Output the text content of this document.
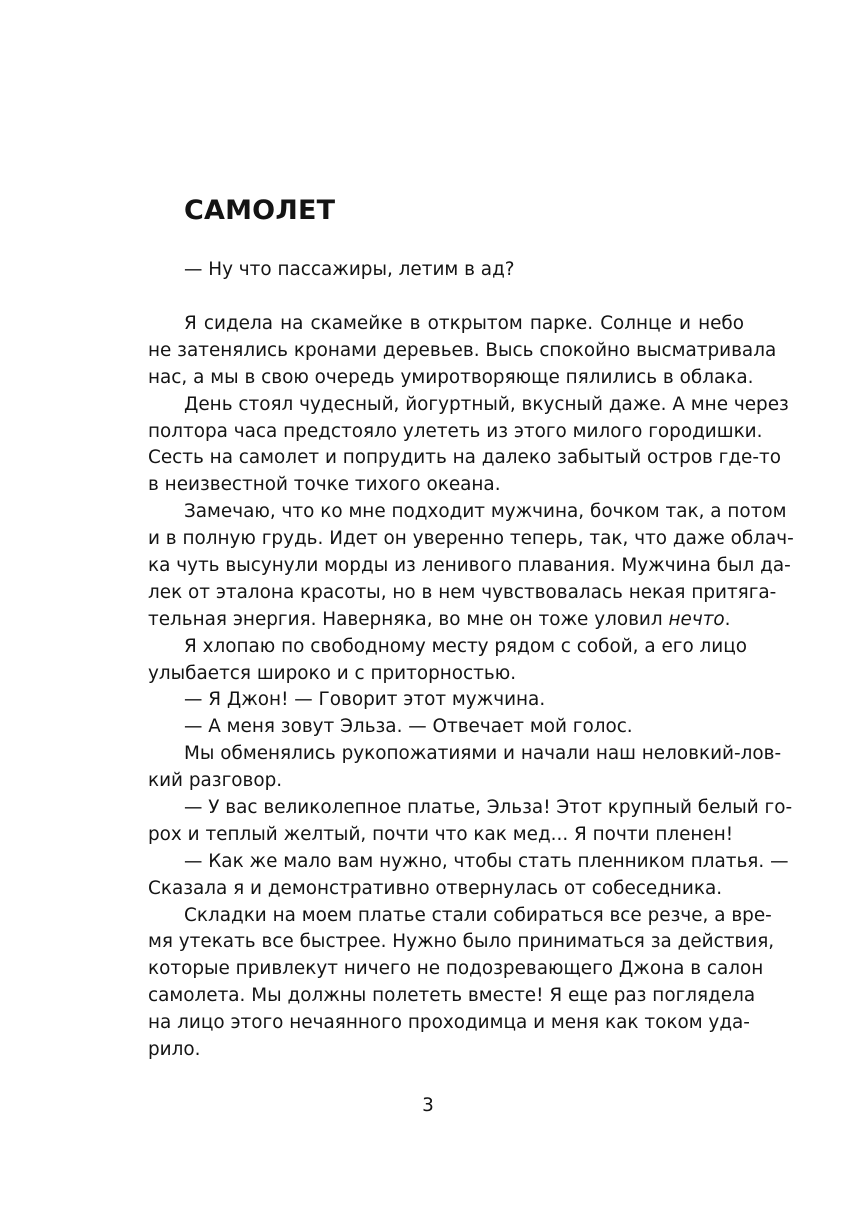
САМОЛЕТ
— Ну что пассажиры, летим в ад?
Я сидела на скамейке в открытом парке. Солнце и небо
не затенялись кронами деревьев. Высь спокойно высматривала
нас, а мы в свою очередь умиротворяюще пялились в облака.
День стоял чудесный, йогуртный, вкусный даже. А мне через
полтора часа предстояло улететь из этого милого городишки.
Сесть на самолет и попрудить на далеко забытый остров где-то
в неизвестной точке тихого океана.
Замечаю, что ко мне подходит мужчина, бочком так, а потом
и в полную грудь. Идет он уверенно теперь, так, что даже облач-
ка чуть высунули морды из ленивого плавания. Мужчина был да-
лек от эталона красоты, но в нем чувствовалась некая притяга-
тельная энергия. Наверняка, во мне он тоже уловил нечто.
Я хлопаю по свободному месту рядом с собой, а его лицо
улыбается широко и с приторностью.
— Я Джон! — Говорит этот мужчина.
— А меня зовут Эльза. — Отвечает мой голос.
Мы обменялись рукопожатиями и начали наш неловкий-лов-
кий разговор.
— У вас великолепное платье, Эльза! Этот крупный белый го-
рох и теплый желтый, почти что как мед... Я почти пленен!
— Как же мало вам нужно, чтобы стать пленником платья. —
Сказала я и демонстративно отвернулась от собеседника.
Складки на моем платье стали собираться все резче, а вре-
мя утекать все быстрее. Нужно было приниматься за действия,
которые привлекут ничего не подозревающего Джона в салон
самолета. Мы должны полететь вместе! Я еще раз поглядела
на лицо этого нечаянного проходимца и меня как током уда-
рило.
3
